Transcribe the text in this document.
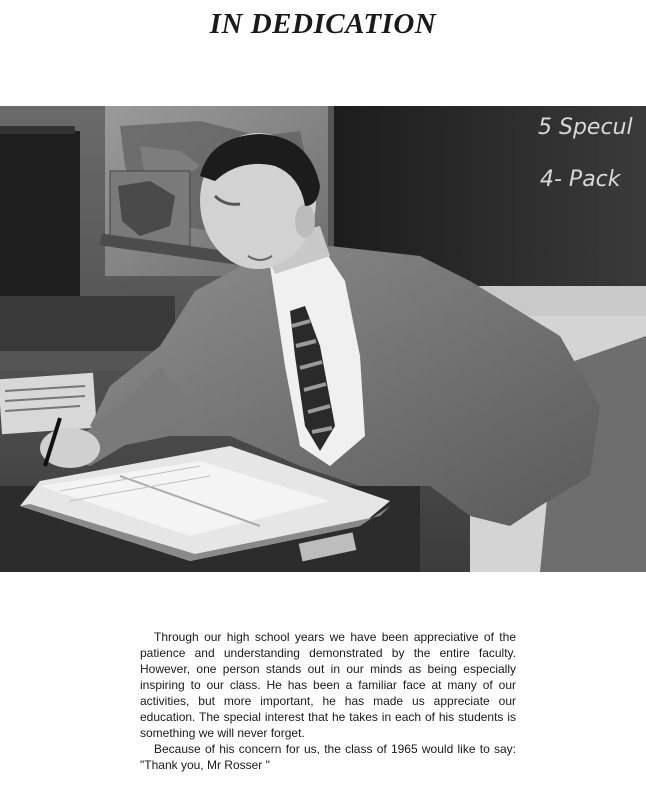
IN DEDICATION
5 Specul
4- Pack

Through our high school years we have been appreciative of the patience and understanding demonstrated by the entire faculty. However, one person stands out in our minds as being especially inspiring to our class. He has been a familiar face at many of our activities, but more important, he has made us appreciate our education. The special interest that he takes in each of his students is something we will never forget.

Because of his concern for us, the class of 1965 would like to say: "Thank you, Mr Rosser "
